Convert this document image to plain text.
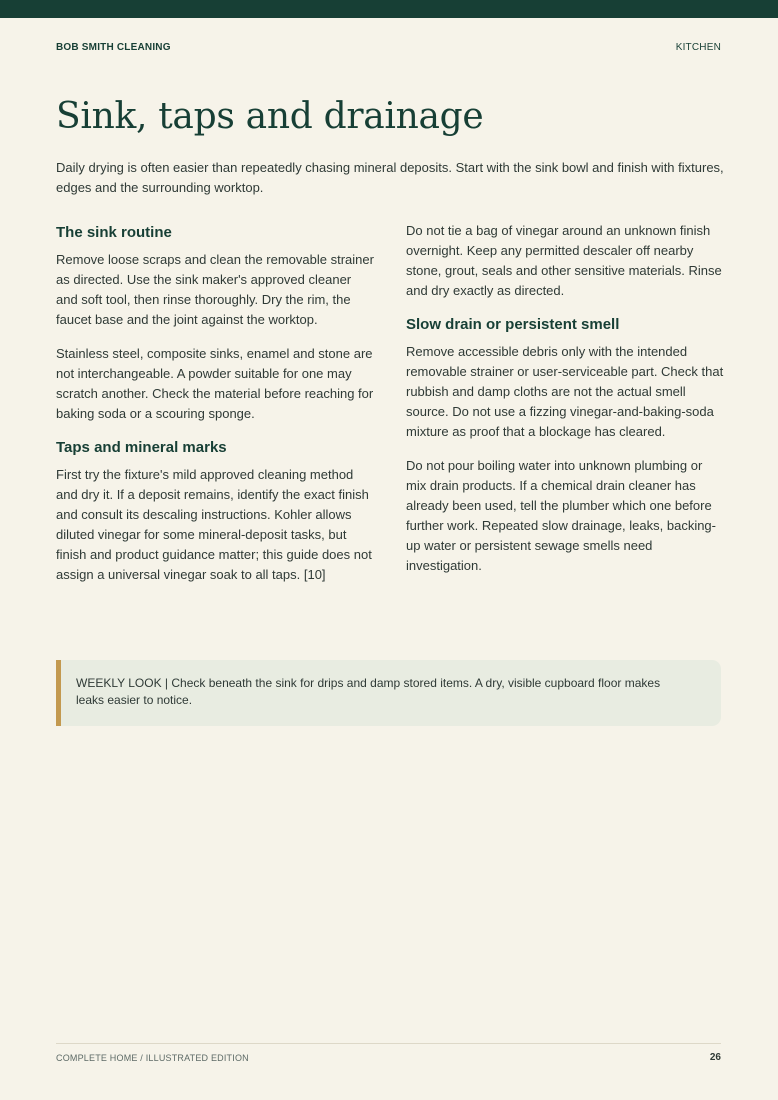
BOB SMITH CLEANING	KITCHEN
Sink, taps and drainage

Daily drying is often easier than repeatedly chasing mineral deposits. Start with the sink bowl and finish with fixtures, edges and the surrounding worktop.

The sink routine

Remove loose scraps and clean the removable strainer as directed. Use the sink maker's approved cleaner and soft tool, then rinse thoroughly. Dry the rim, the faucet base and the joint against the worktop.

Stainless steel, composite sinks, enamel and stone are not interchangeable. A powder suitable for one may scratch another. Check the material before reaching for baking soda or a scouring sponge.

Taps and mineral marks

First try the fixture's mild approved cleaning method and dry it. If a deposit remains, identify the exact finish and consult its descaling instructions. Kohler allows diluted vinegar for some mineral-deposit tasks, but finish and product guidance matter; this guide does not assign a universal vinegar soak to all taps. [10]

Do not tie a bag of vinegar around an unknown finish overnight. Keep any permitted descaler off nearby stone, grout, seals and other sensitive materials. Rinse and dry exactly as directed.

Slow drain or persistent smell

Remove accessible debris only with the intended removable strainer or user-serviceable part. Check that rubbish and damp cloths are not the actual smell source. Do not use a fizzing vinegar-and-baking-soda mixture as proof that a blockage has cleared.

Do not pour boiling water into unknown plumbing or mix drain products. If a chemical drain cleaner has already been used, tell the plumber which one before further work. Repeated slow drainage, leaks, backing-up water or persistent sewage smells need investigation.

WEEKLY LOOK | Check beneath the sink for drips and damp stored items. A dry, visible cupboard floor makes leaks easier to notice.
COMPLETE HOME / ILLUSTRATED EDITION	26
